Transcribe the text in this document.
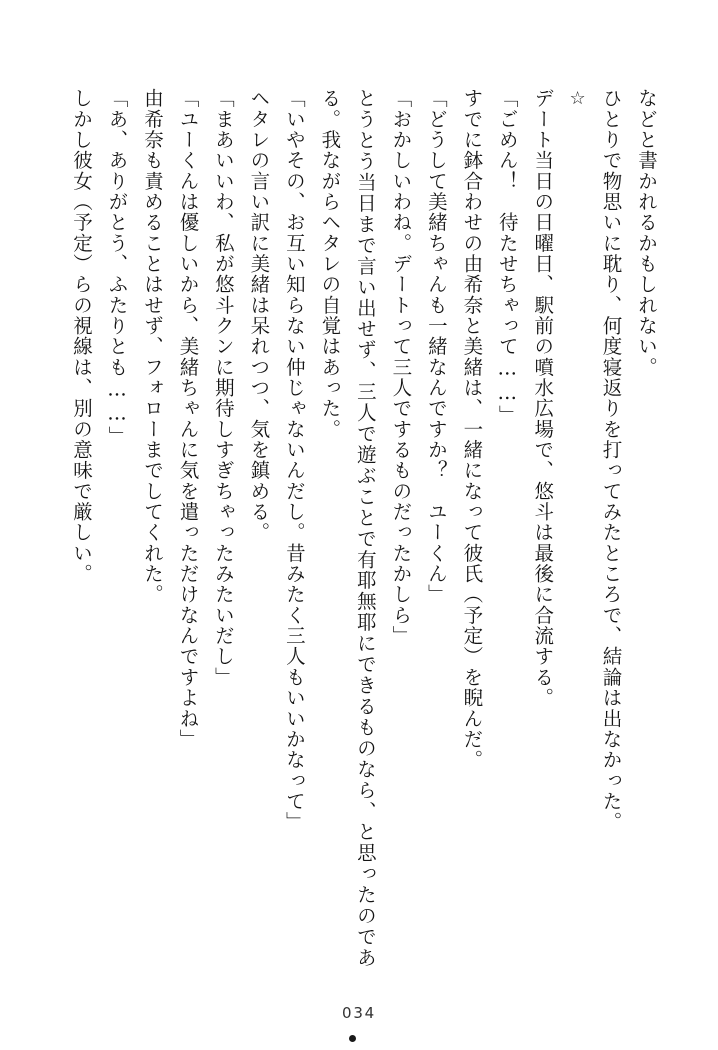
などと書かれるかもしれない。

ひとりで物思いに耽り、何度寝返りを打ってみたところで、結論は出なかった。

☆

デート当日の日曜日、駅前の噴水広場で、悠斗は最後に合流する。

「ごめん！　待たせちゃって……」

すでに鉢合わせの由希奈と美緒は、一緒になって彼氏（予定）を睨んだ。

「どうして美緒ちゃんも一緒なんですか？　ユーくん」

「おかしいわね。デートって三人でするものだったかしら」

とうとう当日まで言い出せず、三人で遊ぶことで有耶無耶にできるものなら、と思ったのである。我ながらヘタレの自覚はあった。

「いやその、お互い知らない仲じゃないんだし。昔みたく三人もいいかなって」

ヘタレの言い訳に美緒は呆れつつ、気を鎮める。

「まあいいわ、私が悠斗クンに期待しすぎちゃったみたいだし」

「ユーくんは優しいから、美緒ちゃんに気を遣っただけなんですよね」

由希奈も責めることはせず、フォローまでしてくれた。

「あ、ありがとう、ふたりとも……」

しかし彼女（予定）らの視線は、別の意味で厳しい。

034
